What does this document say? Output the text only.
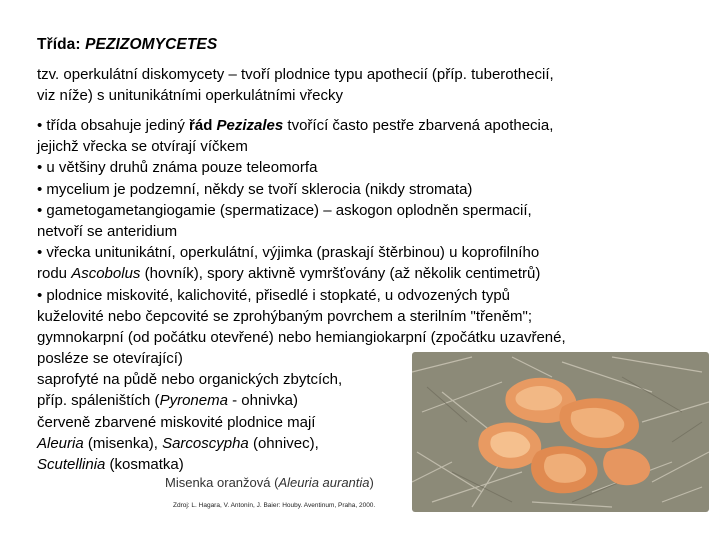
Třída: PEZIZOMYCETES
tzv. operkulátní diskomycety – tvoří plodnice typu apothecií (příp. tuberothecií,
viz níže) s unitunikátními operkulátními vřecky
• třída obsahuje jediný řád Pezizales tvořící často pestře zbarvená apothecia,
jejichž vřecka se otvírají víčkem
• u většiny druhů známa pouze teleomorfa
• mycelium je podzemní, někdy se tvoří sklerocia (nikdy stromata)
• gametogametangiogamie (spermatizace) – askogon oplodněn spermacií,
netvoří se anteridium
• vřecka unitunikátní, operkulátní, výjimka (praskají štěrbinou) u koprofilního
rodu Ascobolus (hovník), spory aktivně vymršťovány (až několik centimetrů)
• plodnice miskovité, kalichovité, přisedlé i stopkaté, u odvozených typů
kuželovité nebo čepcovité se zprohýbaným povrchem a sterilním "třeněm";
gymnokarpní (od počátku otevřené) nebo hemiangiokarpní (zpočátku uzavřené,
posléze se otevírající)
saprofyté na půdě nebo organických zbytcích,
příp. spáleništích (Pyronema - ohnivka)
červeně zbarvené miskovité plodnice mají
Aleuria (misenka), Sarcoscypha (ohnivec),
Scutellinia (kosmatka)
Misenka oranžová (Aleuria aurantia)
Zdroj: L. Hagara, V. Antonín, J. Baier: Houby. Aventinum, Praha, 2000.
